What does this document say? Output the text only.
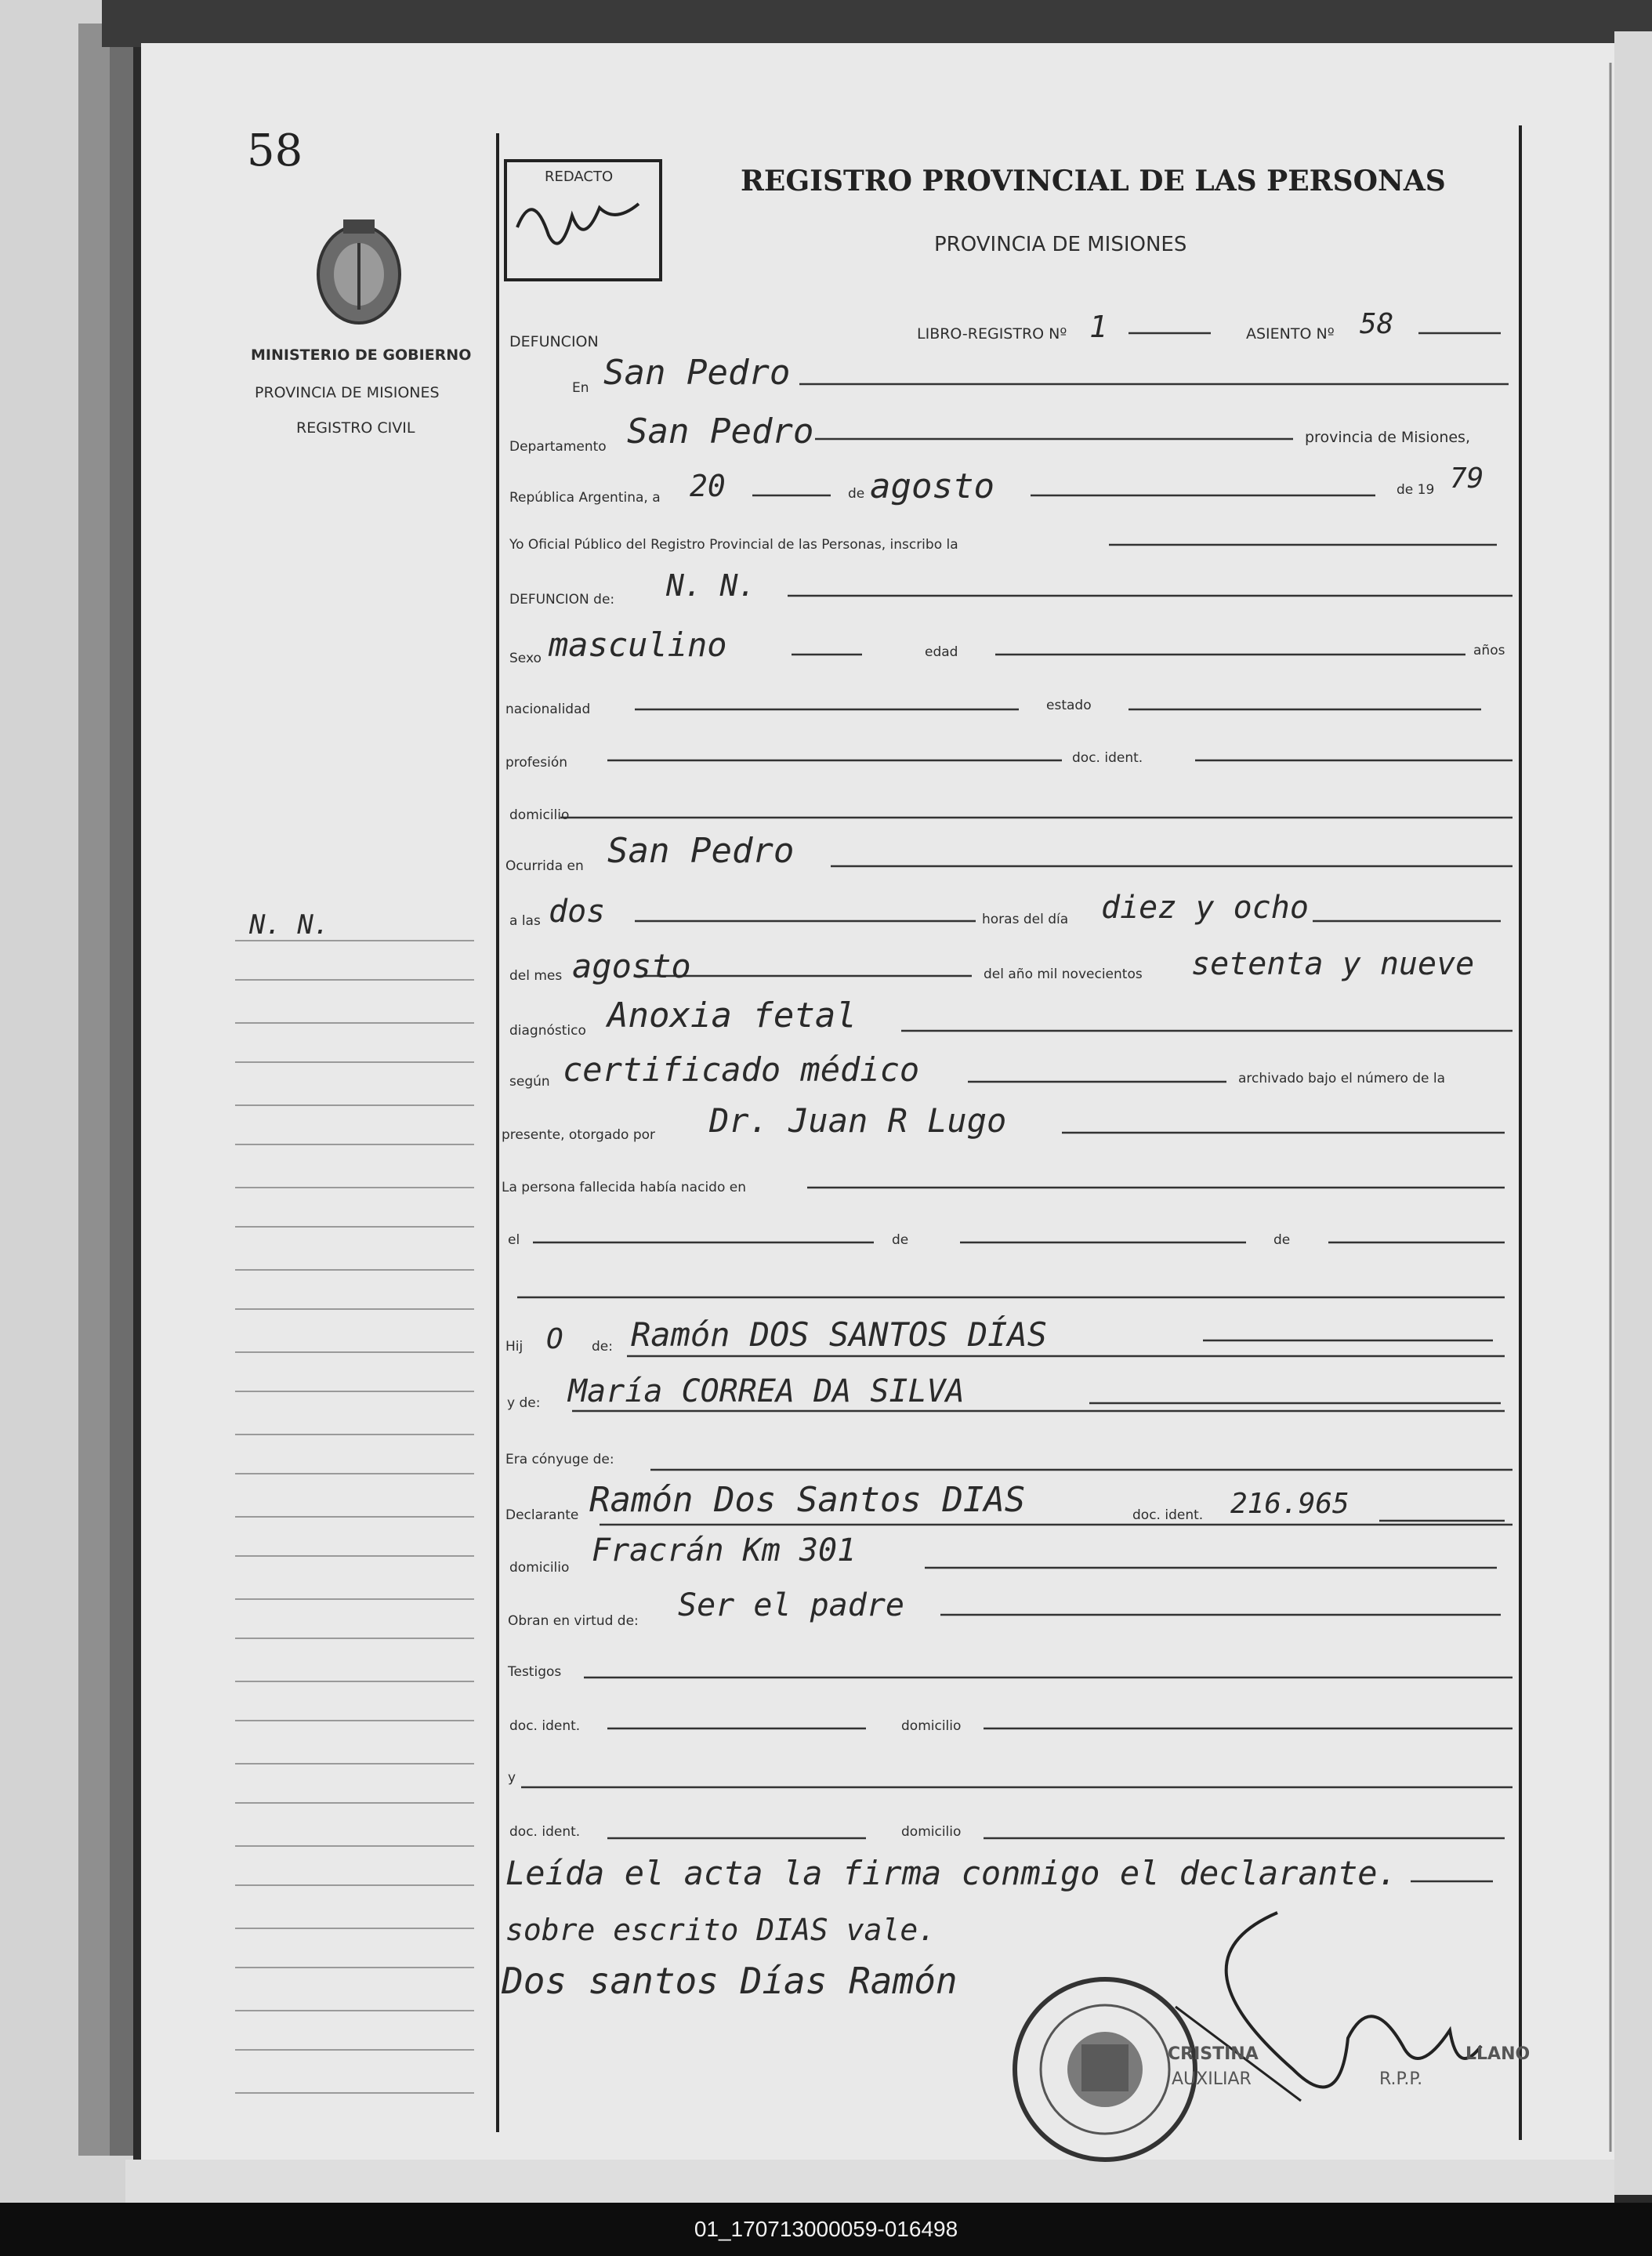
58
REDACTO	REGISTRO PROVINCIAL DE LAS PERSONAS
PROVINCIA DE MISIONES
MINISTERIO DE GOBIERNO
PROVINCIA DE MISIONES
REGISTRO CIVIL
N. N.
DEFUNCION	LIBRO-REGISTRO Nº 1	ASIENTO Nº 58
En San Pedro
Departamento San Pedro	provincia de Misiones,
República Argentina, a 20	de agosto	de 19 79
Yo Oficial Público del Registro Provincial de las Personas, inscribo la
DEFUNCION de: N. N.
Sexo masculino	edad	años
nacionalidad	estado
profesión	doc. ident.
domicilio
Ocurrida en San Pedro
a las dos	horas del día diez y ocho
del mes agosto	del año mil novecientos setenta y nueve
diagnóstico Anoxia fetal
según certificado médico	archivado bajo el número de la
presente, otorgado por Dr. Juan R Lugo
La persona fallecida había nacido en
el	de	de
Hij O de: Ramón DOS SANTOS DÍAS
y de: María CORREA DA SILVA
Era cónyuge de:
Declarante Ramón Dos Santos DIAS	doc. ident. 216.965
domicilio Fracrán Km 301
Obran en virtud de: Ser el padre
Testigos
doc. ident.	domicilio
y
doc. ident.	domicilio
Leída el acta la firma conmigo el declarante.
sobre escrito DIAS vale.
Dos santos Días Ramón
CRISTINA	LLANO
AUXILIAR	R.P.P.
01_170713000059-016498
